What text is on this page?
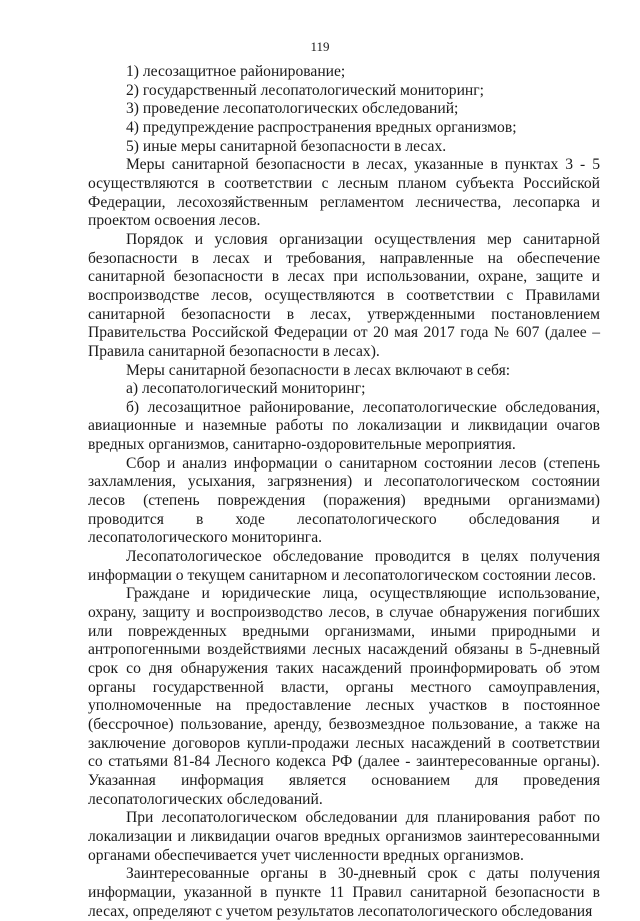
119

1) лесозащитное районирование;

2) государственный лесопатологический мониторинг;

3) проведение лесопатологических обследований;

4) предупреждение распространения вредных организмов;

5) иные меры санитарной безопасности в лесах.

Меры санитарной безопасности в лесах, указанные в пунктах 3 - 5 осуществляются в соответствии с лесным планом субъекта Российской Федерации, лесохозяйственным регламентом лесничества, лесопарка и проектом освоения лесов.

Порядок и условия организации осуществления мер санитарной безопасности в лесах и требования, направленные на обеспечение санитарной безопасности в лесах при использовании, охране, защите и воспроизводстве лесов, осуществляются в соответствии с Правилами санитарной безопасности в лесах, утвержденными постановлением Правительства Российской Федерации от 20 мая 2017 года № 607 (далее – Правила санитарной безопасности в лесах).

Меры санитарной безопасности в лесах включают в себя:

а) лесопатологический мониторинг;

б) лесозащитное районирование, лесопатологические обследования, авиационные и наземные работы по локализации и ликвидации очагов вредных организмов, санитарно-оздоровительные мероприятия.

Сбор и анализ информации о санитарном состоянии лесов (степень захламления, усыхания, загрязнения) и лесопатологическом состоянии лесов (степень повреждения (поражения) вредными организмами) проводится в ходе лесопатологического обследования и лесопатологического мониторинга.

Лесопатологическое обследование проводится в целях получения информации о текущем санитарном и лесопатологическом состоянии лесов.

Граждане и юридические лица, осуществляющие использование, охрану, защиту и воспроизводство лесов, в случае обнаружения погибших или поврежденных вредными организмами, иными природными и антропогенными воздействиями лесных насаждений обязаны в 5-дневный срок со дня обнаружения таких насаждений проинформировать об этом органы государственной власти, органы местного самоуправления, уполномоченные на предоставление лесных участков в постоянное (бессрочное) пользование, аренду, безвозмездное пользование, а также на заключение договоров купли-продажи лесных насаждений в соответствии со статьями 81-84 Лесного кодекса РФ (далее - заинтересованные органы). Указанная информация является основанием для проведения лесопатологических обследований.

При лесопатологическом обследовании для планирования работ по локализации и ликвидации очагов вредных организмов заинтересованными органами обеспечивается учет численности вредных организмов.

Заинтересованные органы в 30-дневный срок с даты получения информации, указанной в пункте 11 Правил санитарной безопасности в лесах, определяют с учетом результатов лесопатологического обследования
